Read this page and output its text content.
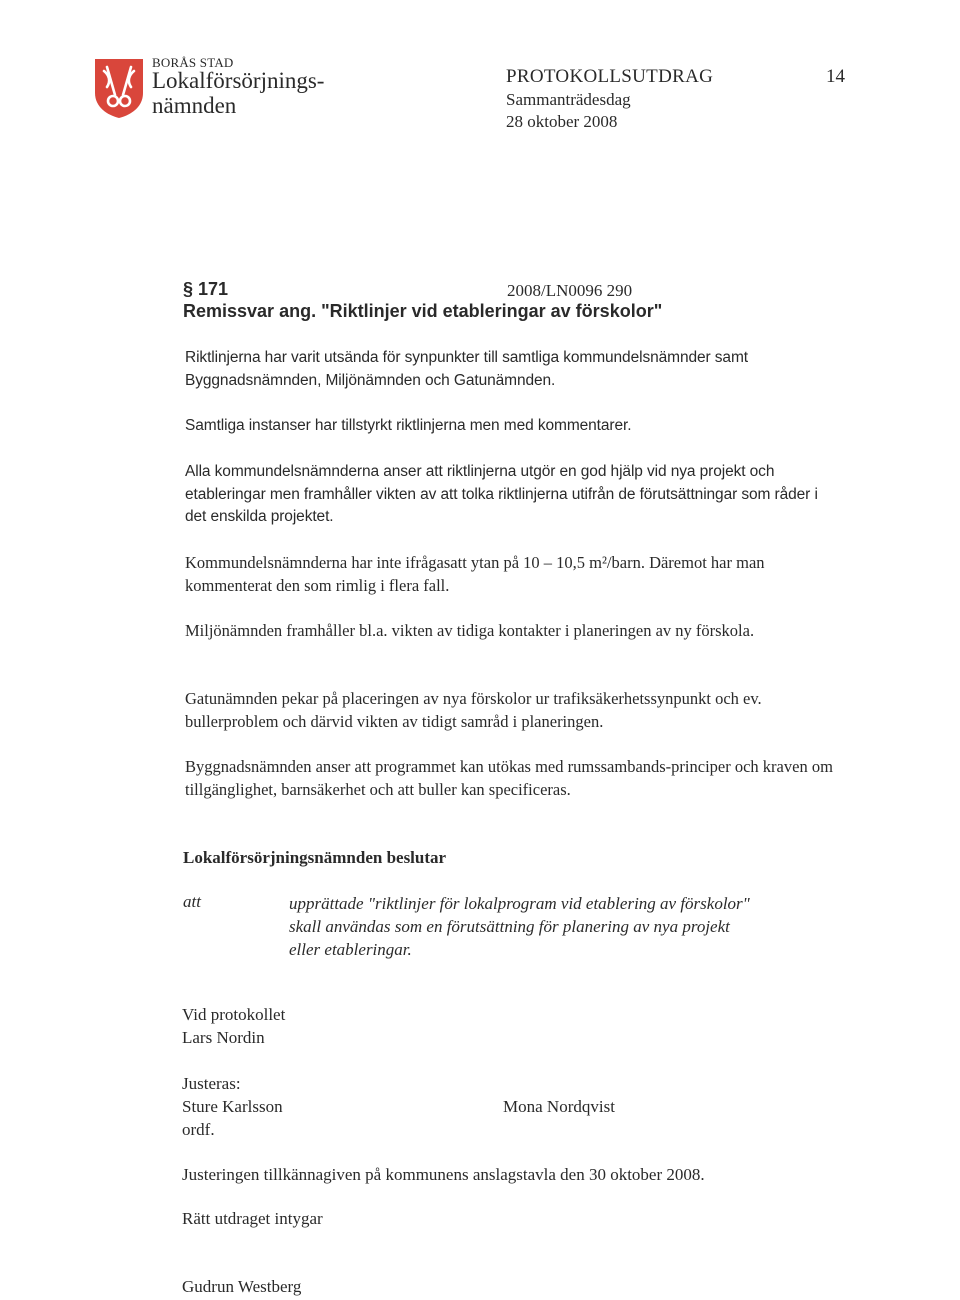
BORÅS STAD
Lokalförsörjnings- nämnden
PROTOKOLLSUTDRAG
Sammanträdesdag
28 oktober 2008
14
§ 171	2008/LN0096 290
Remissvar ang. "Riktlinjer vid etableringar av förskolor"
Riktlinjerna har varit utsända för synpunkter till samtliga kommundelsnämnder samt Byggnadsnämnden, Miljönämnden och Gatunämnden.
Samtliga instanser har tillstyrkt riktlinjerna men med kommentarer.
Alla kommundelsnämnderna anser att riktlinjerna utgör en god hjälp vid nya projekt och etableringar men framhåller vikten av att tolka riktlinjerna utifrån de förutsättningar som råder i det enskilda projektet.
Kommundelsnämnderna har inte ifrågasatt ytan på 10 – 10,5 m²/barn. Däremot har man kommenterat den som rimlig i flera fall.
Miljönämnden framhåller bl.a. vikten av tidiga kontakter i planeringen av ny förskola.
Gatunämnden pekar på placeringen av nya förskolor ur trafiksäkerhetssynpunkt och ev. bullerproblem och därvid vikten av tidigt samråd i planeringen.
Byggnadsnämnden anser att programmet kan utökas med rumssambands-principer och kraven om tillgänglighet, barnsäkerhet och att buller kan specificeras.
Lokalförsörjningsnämnden beslutar
att	upprättade "riktlinjer för lokalprogram vid etablering av förskolor" skall användas som en förutsättning för planering av nya projekt eller etableringar.
Vid protokollet
Lars Nordin
Justeras:
Sture Karlsson
ordf.
Mona Nordqvist
Justeringen tillkännagiven på kommunens anslagstavla den 30 oktober 2008.
Rätt utdraget intygar
Gudrun Westberg
